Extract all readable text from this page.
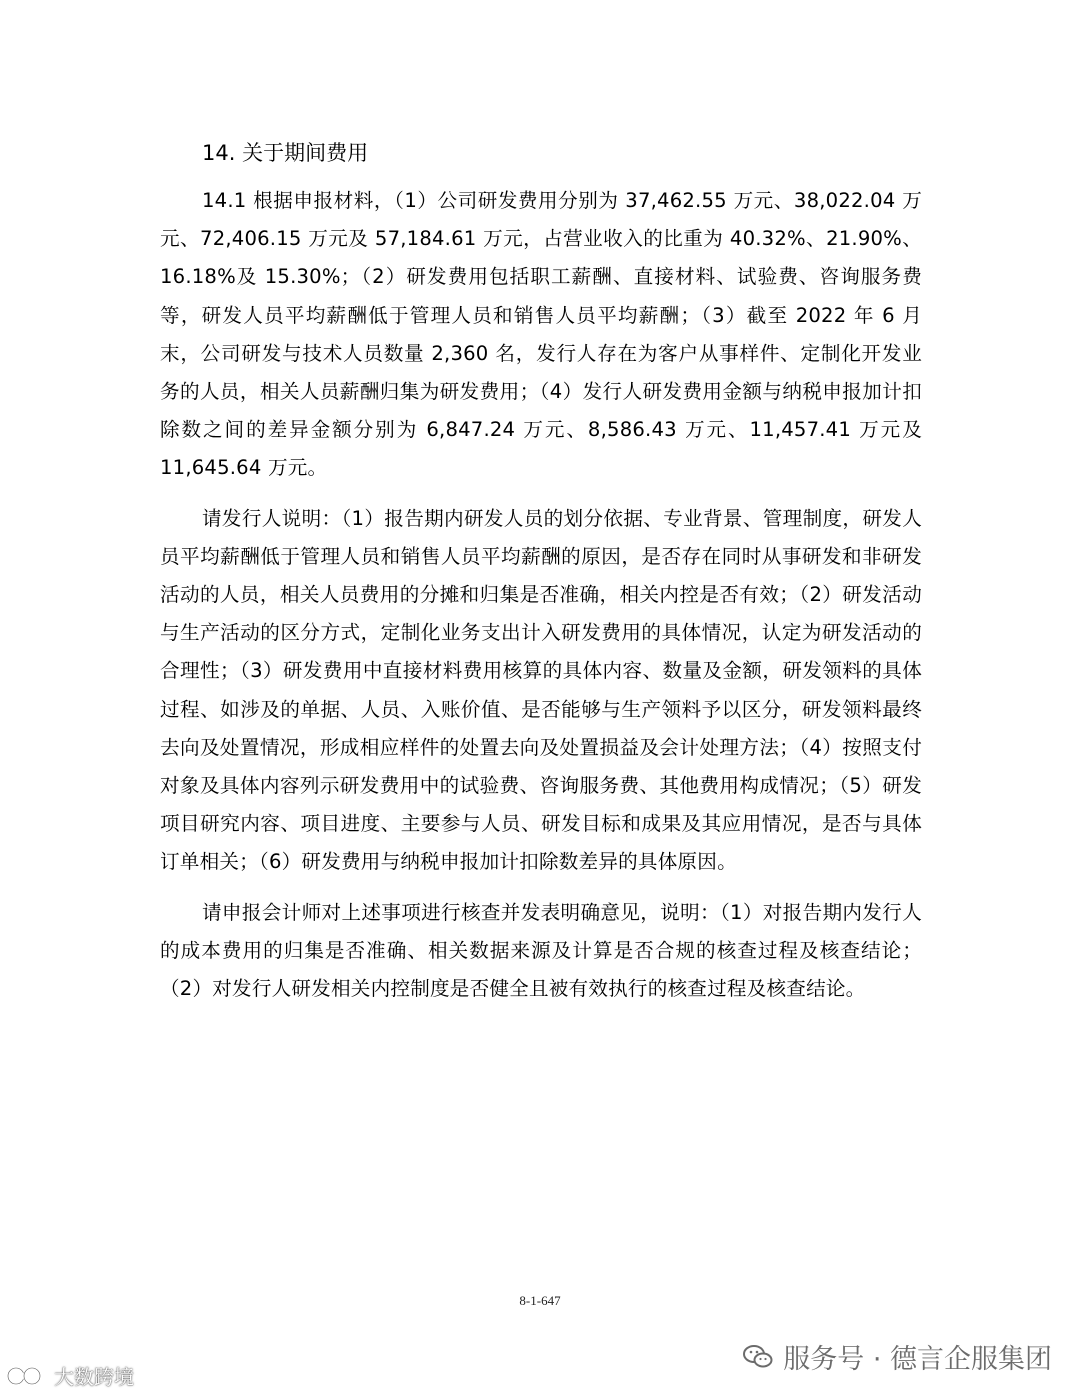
14. 关于期间费用

14.1 根据申报材料，（1）公司研发费用分别为 37,462.55 万元、38,022.04 万元、72,406.15 万元及 57,184.61 万元，占营业收入的比重为 40.32%、21.90%、16.18%及 15.30%；（2）研发费用包括职工薪酬、直接材料、试验费、咨询服务费等，研发人员平均薪酬低于管理人员和销售人员平均薪酬；（3）截至 2022 年 6 月末，公司研发与技术人员数量 2,360 名，发行人存在为客户从事样件、定制化开发业务的人员，相关人员薪酬归集为研发费用；（4）发行人研发费用金额与纳税申报加计扣除数之间的差异金额分别为 6,847.24 万元、8,586.43 万元、11,457.41 万元及 11,645.64 万元。

请发行人说明：（1）报告期内研发人员的划分依据、专业背景、管理制度，研发人员平均薪酬低于管理人员和销售人员平均薪酬的原因，是否存在同时从事研发和非研发活动的人员，相关人员费用的分摊和归集是否准确，相关内控是否有效；（2）研发活动与生产活动的区分方式，定制化业务支出计入研发费用的具体情况，认定为研发活动的合理性；（3）研发费用中直接材料费用核算的具体内容、数量及金额，研发领料的具体过程、如涉及的单据、人员、入账价值、是否能够与生产领料予以区分，研发领料最终去向及处置情况，形成相应样件的处置去向及处置损益及会计处理方法；（4）按照支付对象及具体内容列示研发费用中的试验费、咨询服务费、其他费用构成情况；（5）研发项目研究内容、项目进度、主要参与人员、研发目标和成果及其应用情况，是否与具体订单相关；（6）研发费用与纳税申报加计扣除数差异的具体原因。

请申报会计师对上述事项进行核查并发表明确意见，说明：（1）对报告期内发行人的成本费用的归集是否准确、相关数据来源及计算是否合规的核查过程及核查结论；（2）对发行人研发相关内控制度是否健全且被有效执行的核查过程及核查结论。

8-1-647
服务号 · 德言企服集团
大数跨境
